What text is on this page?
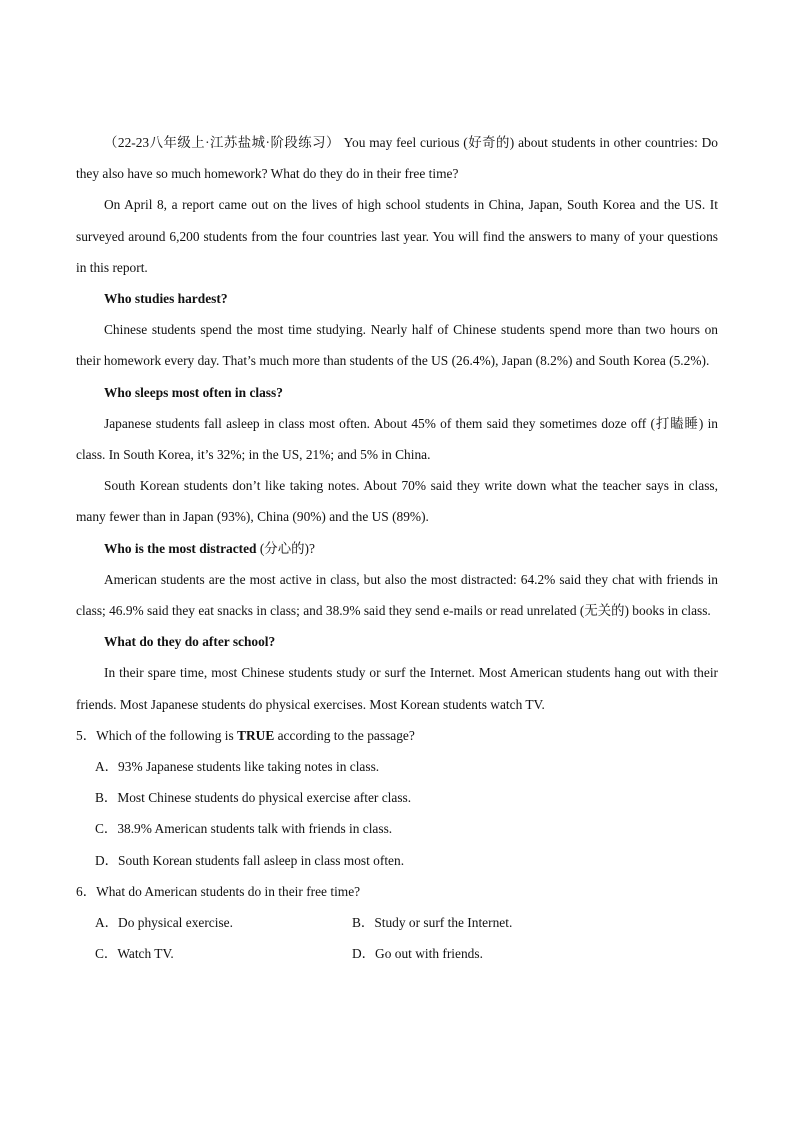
（22-23八年级上·江苏盐城·阶段练习） You may feel curious (好奇的) about students in other countries: Do they also have so much homework? What do they do in their free time?

On April 8, a report came out on the lives of high school students in China, Japan, South Korea and the US. It surveyed around 6,200 students from the four countries last year. You will find the answers to many of your questions in this report.

Who studies hardest?

Chinese students spend the most time studying. Nearly half of Chinese students spend more than two hours on their homework every day. That’s much more than students of the US (26.4%), Japan (8.2%) and South Korea (5.2%).

Who sleeps most often in class?

Japanese students fall asleep in class most often. About 45% of them said they sometimes doze off (打瞌睡) in class. In South Korea, it’s 32%; in the US, 21%; and 5% in China.

South Korean students don’t like taking notes. About 70% said they write down what the teacher says in class, many fewer than in Japan (93%), China (90%) and the US (89%).

Who is the most distracted (分心的)?

American students are the most active in class, but also the most distracted: 64.2% said they chat with friends in class; 46.9% said they eat snacks in class; and 38.9% said they send e-mails or read unrelated (无关的) books in class.

What do they do after school?

In their spare time, most Chinese students study or surf the Internet. Most American students hang out with their friends. Most Japanese students do physical exercises. Most Korean students watch TV.

5．Which of the following is TRUE according to the passage?

A．93% Japanese students like taking notes in class.
B．Most Chinese students do physical exercise after class.
C．38.9% American students talk with friends in class.
D．South Korean students fall asleep in class most often.

6．What do American students do in their free time?

A．Do physical exercise.	B．Study or surf the Internet.
C．Watch TV.	D．Go out with friends.
